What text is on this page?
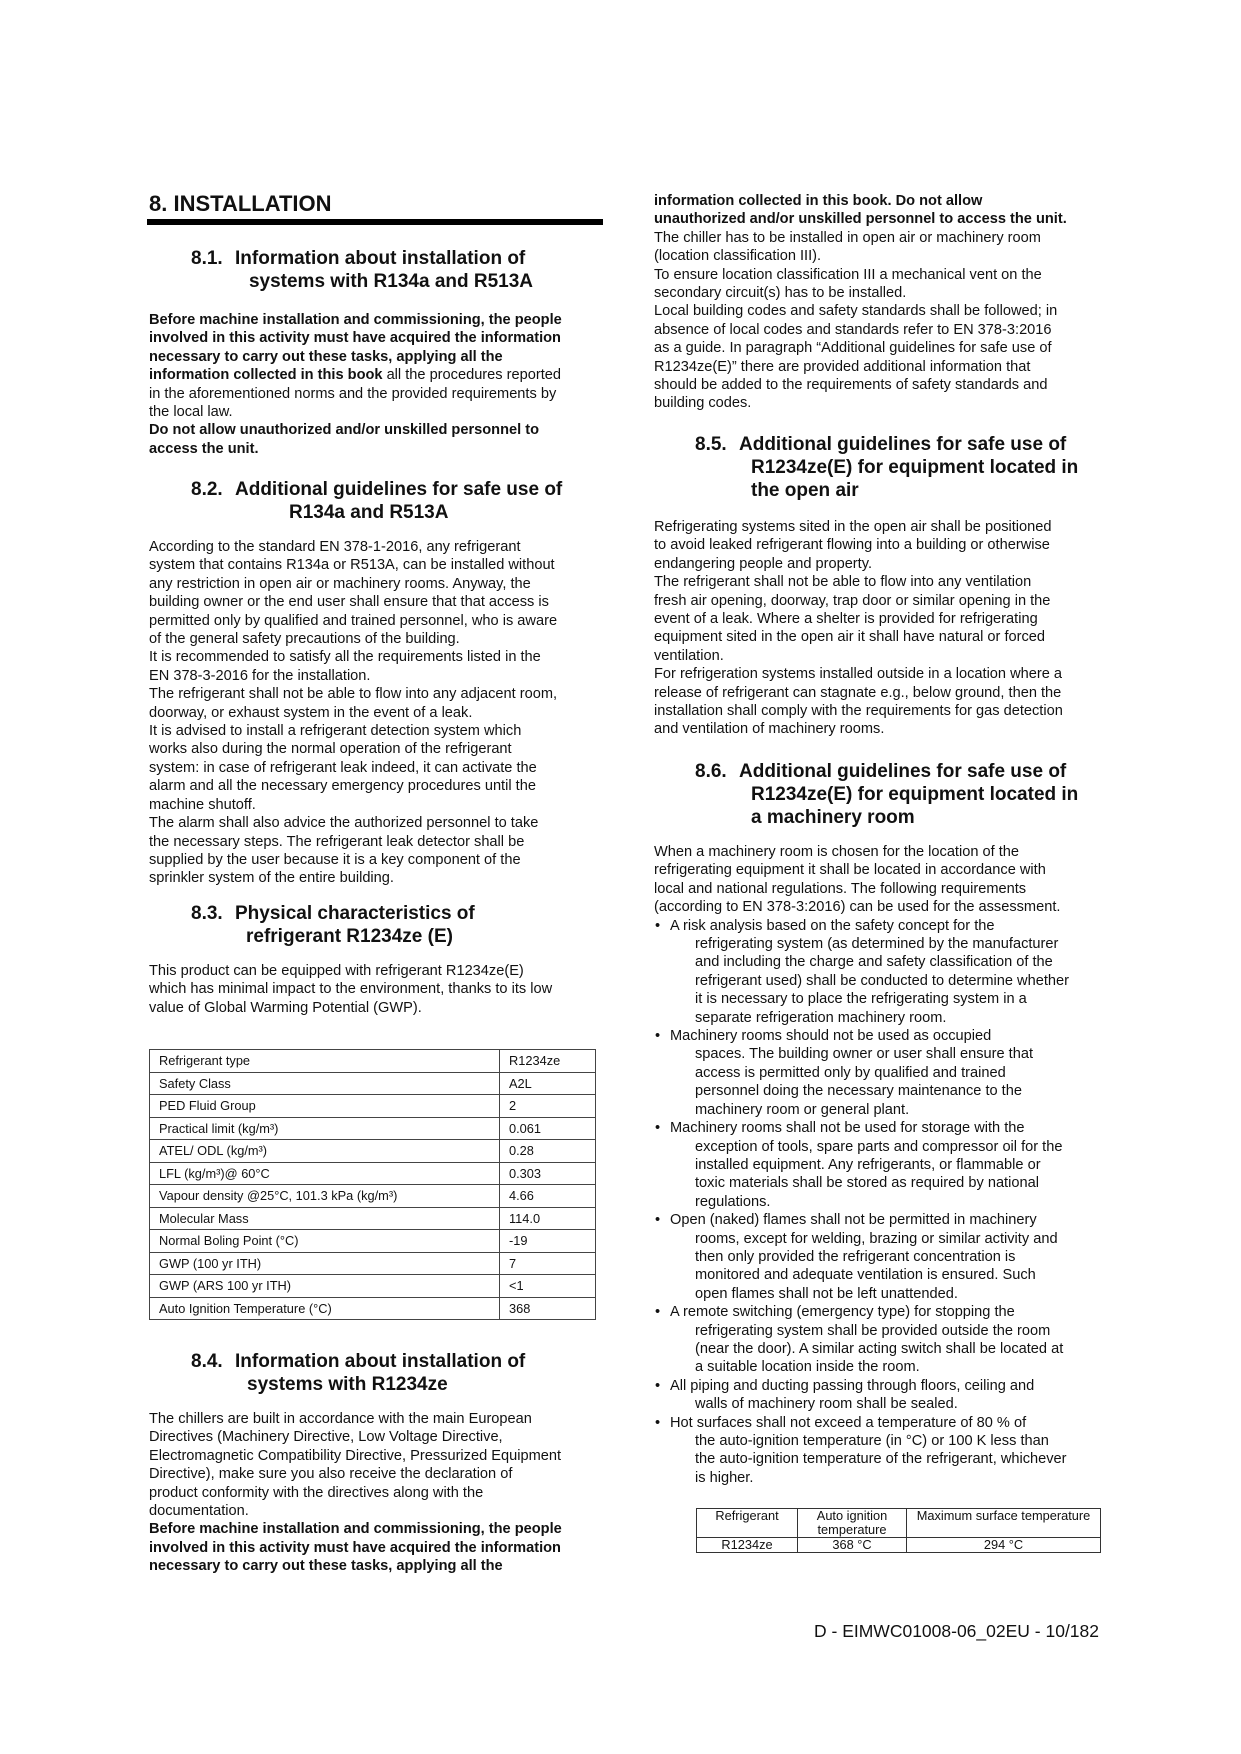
8. INSTALLATION
8.1. Information about installation of
systems with R134a and R513A

Before machine installation and commissioning, the people

involved in this activity must have acquired the information

necessary to carry out these tasks, applying all the

information collected in this book all the procedures reported

in the aforementioned norms and the provided requirements by

the local law.

Do not allow unauthorized and/or unskilled personnel to

access the unit.

8.2. Additional guidelines for safe use of
R134a and R513A

According to the standard EN 378-1-2016, any refrigerant

system that contains R134a or R513A, can be installed without

any restriction in open air or machinery rooms. Anyway, the

building owner or the end user shall ensure that that access is

permitted only by qualified and trained personnel, who is aware

of the general safety precautions of the building.

It is recommended to satisfy all the requirements listed in the

EN 378-3-2016 for the installation.

The refrigerant shall not be able to flow into any adjacent room,

doorway, or exhaust system in the event of a leak.

It is advised to install a refrigerant detection system which

works also during the normal operation of the refrigerant

system: in case of refrigerant leak indeed, it can activate the

alarm and all the necessary emergency procedures until the

machine shutoff.

The alarm shall also advice the authorized personnel to take

the necessary steps. The refrigerant leak detector shall be

supplied by the user because it is a key component of the

sprinkler system of the entire building.

8.3. Physical characteristics of
refrigerant R1234ze (E)

This product can be equipped with refrigerant R1234ze(E)

which has minimal impact to the environment, thanks to its low

value of Global Warming Potential (GWP).

Refrigerant type	R1234ze
Safety Class	A2L
PED Fluid Group	2
Practical limit (kg/m³)	0.061
ATEL/ ODL (kg/m³)	0.28
LFL (kg/m³)@ 60°C	0.303
Vapour density @25°C, 101.3 kPa (kg/m³)	4.66
Molecular Mass	114.0
Normal Boling Point (°C)	-19
GWP (100 yr ITH)	7
GWP (ARS 100 yr ITH)	<1
Auto Ignition Temperature (°C)	368
8.4. Information about installation of
systems with R1234ze

The chillers are built in accordance with the main European

Directives (Machinery Directive, Low Voltage Directive,

Electromagnetic Compatibility Directive, Pressurized Equipment

Directive), make sure you also receive the declaration of

product conformity with the directives along with the

documentation.

Before machine installation and commissioning, the people

involved in this activity must have acquired the information

necessary to carry out these tasks, applying all the

information collected in this book. Do not allow

unauthorized and/or unskilled personnel to access the unit.

The chiller has to be installed in open air or machinery room

(location classification III).

To ensure location classification III a mechanical vent on the

secondary circuit(s) has to be installed.

Local building codes and safety standards shall be followed; in

absence of local codes and standards refer to EN 378-3:2016

as a guide. In paragraph “Additional guidelines for safe use of

R1234ze(E)” there are provided additional information that

should be added to the requirements of safety standards and

building codes.

8.5. Additional guidelines for safe use of
R1234ze(E) for equipment located in
the open air

Refrigerating systems sited in the open air shall be positioned

to avoid leaked refrigerant flowing into a building or otherwise

endangering people and property.

The refrigerant shall not be able to flow into any ventilation

fresh air opening, doorway, trap door or similar opening in the

event of a leak. Where a shelter is provided for refrigerating

equipment sited in the open air it shall have natural or forced

ventilation.

For refrigeration systems installed outside in a location where a

release of refrigerant can stagnate e.g., below ground, then the

installation shall comply with the requirements for gas detection

and ventilation of machinery rooms.

8.6. Additional guidelines for safe use of
R1234ze(E) for equipment located in
a machinery room

When a machinery room is chosen for the location of the

refrigerating equipment it shall be located in accordance with

local and national regulations. The following requirements

(according to EN 378-3:2016) can be used for the assessment.

• A risk analysis based on the safety concept for the
refrigerating system (as determined by the manufacturer
and including the charge and safety classification of the
refrigerant used) shall be conducted to determine whether
it is necessary to place the refrigerating system in a
separate refrigeration machinery room.
• Machinery rooms should not be used as occupied
spaces. The building owner or user shall ensure that
access is permitted only by qualified and trained
personnel doing the necessary maintenance to the
machinery room or general plant.
• Machinery rooms shall not be used for storage with the
exception of tools, spare parts and compressor oil for the
installed equipment. Any refrigerants, or flammable or
toxic materials shall be stored as required by national
regulations.
• Open (naked) flames shall not be permitted in machinery
rooms, except for welding, brazing or similar activity and
then only provided the refrigerant concentration is
monitored and adequate ventilation is ensured. Such
open flames shall not be left unattended.
• A remote switching (emergency type) for stopping the
refrigerating system shall be provided outside the room
(near the door). A similar acting switch shall be located at
a suitable location inside the room.
• All piping and ducting passing through floors, ceiling and
walls of machinery room shall be sealed.
• Hot surfaces shall not exceed a temperature of 80 % of
the auto-ignition temperature (in °C) or 100 K less than
the auto-ignition temperature of the refrigerant, whichever
is higher.
Refrigerant	Auto ignition temperature	Maximum surface temperature
R1234ze	368 °C	294 °C
D - EIMWC01008-06_02EU - 10/182
